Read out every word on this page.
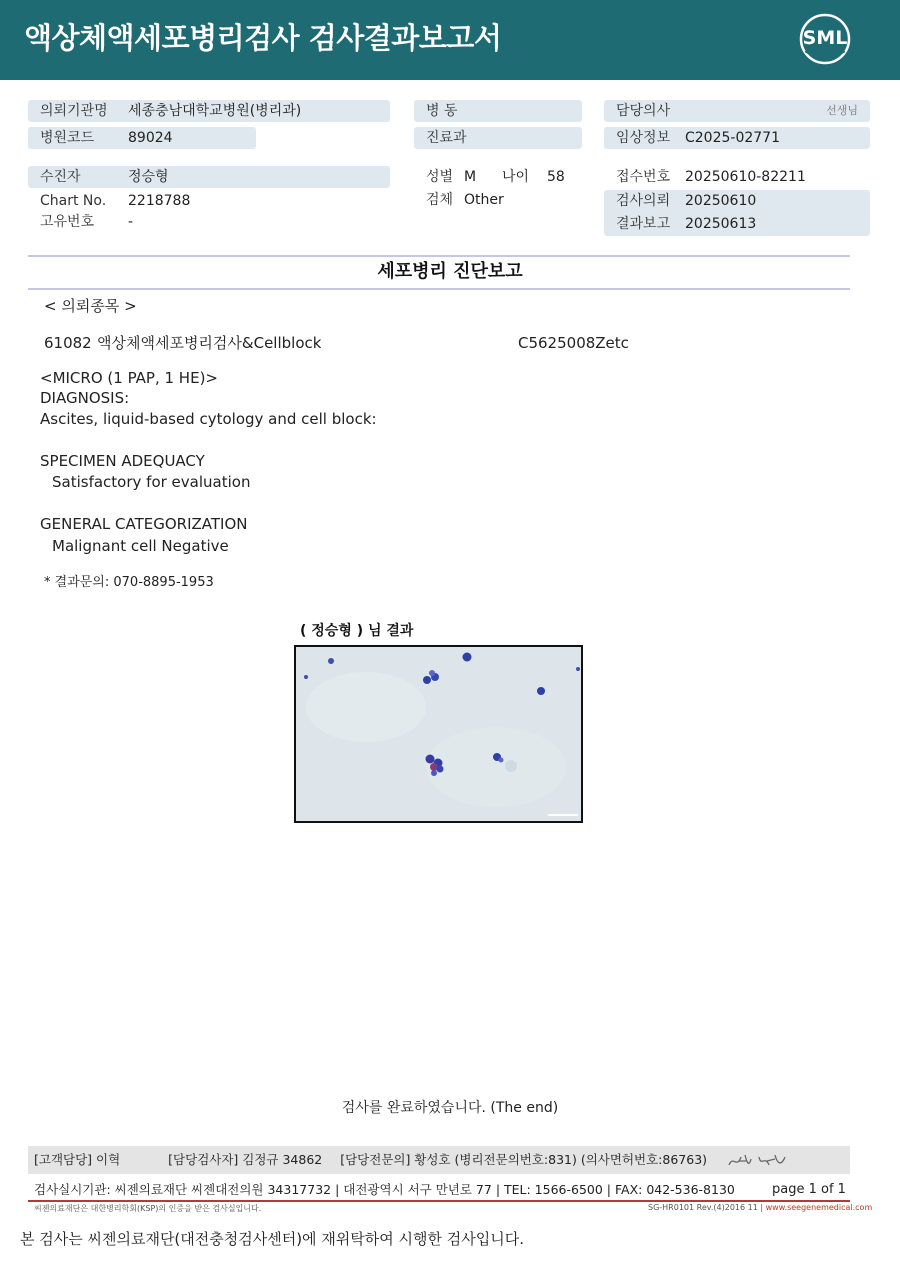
액상체액세포병리검사 검사결과보고서	SML
의뢰기관명 세종충남대학교병원(병리과)
병원코드 89024
수진자	정승형
Chart No. 2218788
고유번호 -
병 동
진료과
성별 M 나이 58
검체 Other
담당의사	선생님
임상정보 C2025-02771
접수번호 20250610-82211
검사의뢰 20250610
결과보고 20250613
세포병리 진단보고
< 의뢰종목 >
61082 액상체액세포병리검사&Cellblock	C5625008Zetc
<MICRO (1 PAP, 1 HE)>
DIAGNOSIS:
Ascites, liquid-based cytology and cell block:
SPECIMEN ADEQUACY
Satisfactory for evaluation
GENERAL CATEGORIZATION
Malignant cell Negative
* 결과문의: 070-8895-1953
( 정승형 ) 님 결과
검사를 완료하였습니다. (The end)
[고객담당] 이혁	[담당검사자] 김정규 34862 [담당전문의] 황성호 (병리전문의번호:831) (의사면허번호:86763)
검사실시기관: 씨젠의료재단 씨젠대전의원 34317732 | 대전광역시 서구 만년로 77 | TEL: 1566-6500 | FAX: 042-536-8130	page 1 of 1
씨젠의료재단은 대한병리학회(KSP)의 인증을 받은 검사실입니다.	SG-HR0101 Rev.(4)2016 11 | www.seegenemedical.com
본 검사는 씨젠의료재단(대전충청검사센터)에 재위탁하여 시행한 검사입니다.
